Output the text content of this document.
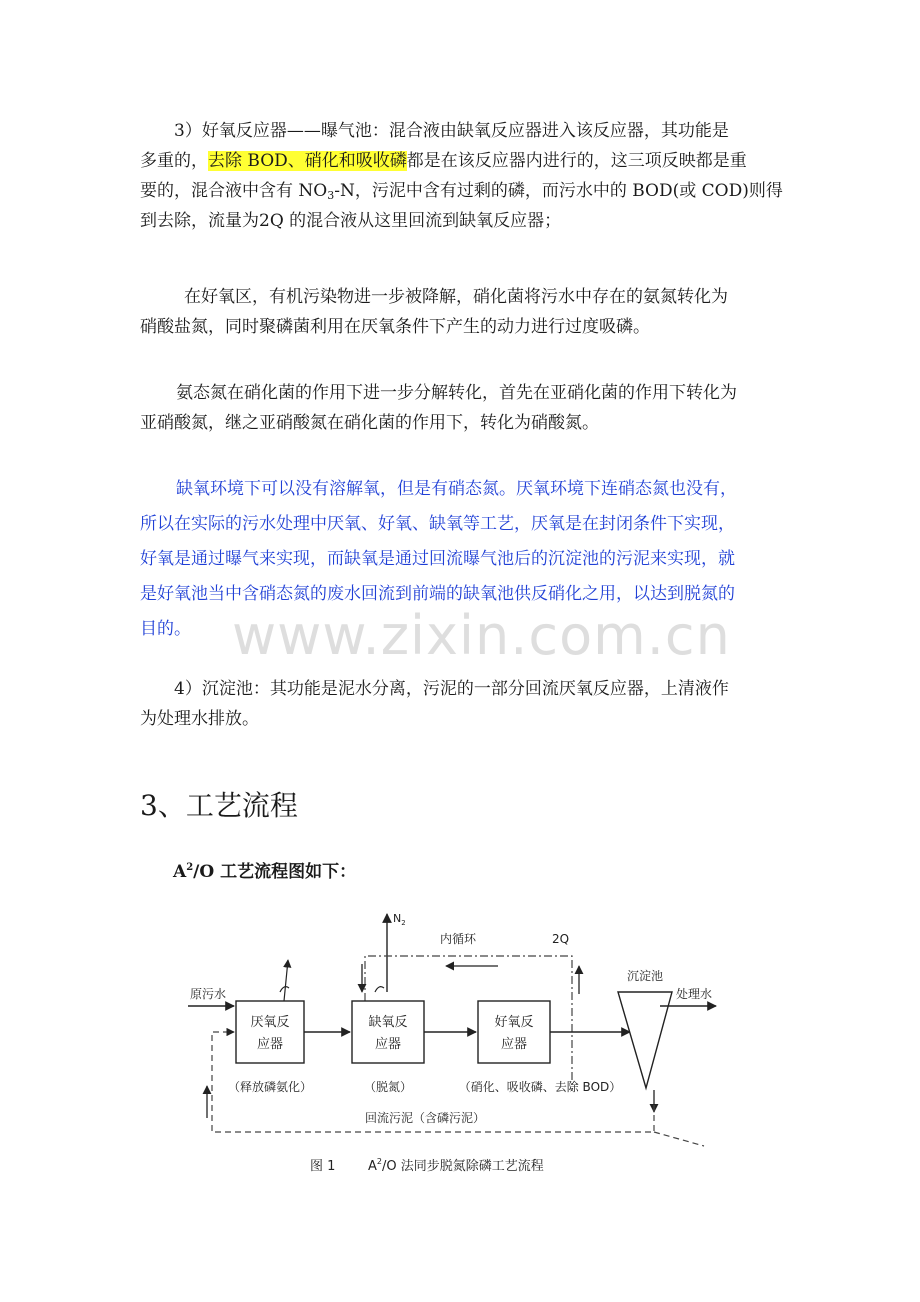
3）好氧反应器——曝气池：混合液由缺氧反应器进入该反应器，其功能是
多重的，去除 BOD、硝化和吸收磷都是在该反应器内进行的，这三项反映都是重
要的，混合液中含有 $NO_3-N$，污泥中含有过剩的磷，而污水中的 BOD(或 COD)则得
到去除，流量为2Q 的混合液从这里回流到缺氧反应器；
在好氧区，有机污染物进一步被降解，硝化菌将污水中存在的氨氮转化为
硝酸盐氮，同时聚磷菌利用在厌氧条件下产生的动力进行过度吸磷。
氨态氮在硝化菌的作用下进一步分解转化，首先在亚硝化菌的作用下转化为
亚硝酸氮，继之亚硝酸氮在硝化菌的作用下，转化为硝酸氮。
缺氧环境下可以没有溶解氧，但是有硝态氮。厌氧环境下连硝态氮也没有，
所以在实际的污水处理中厌氧、好氧、缺氧等工艺，厌氧是在封闭条件下实现，
好氧是通过曝气来实现，而缺氧是通过回流曝气池后的沉淀池的污泥来实现，就
是好氧池当中含硝态氮的废水回流到前端的缺氧池供反硝化之用，以达到脱氮的
目的。 www.zixin.com.cn
4）沉淀池：其功能是泥水分离，污泥的一部分回流厌氧反应器，上清液作
为处理水排放。
3、工艺流程

$A^2/O$ 工艺流程图如下：

$N_2$
内循环	2Q
原污水
厌氧反
应器
（释放磷氨化）
缺氧反
应器
（脱氮）
好氧反
应器
（硝化、吸收磷、去除 BOD）
沉淀池
处理水
回流污泥（含磷污泥）
图 1	$A^2/O$ 法同步脱氮除磷工艺流程
